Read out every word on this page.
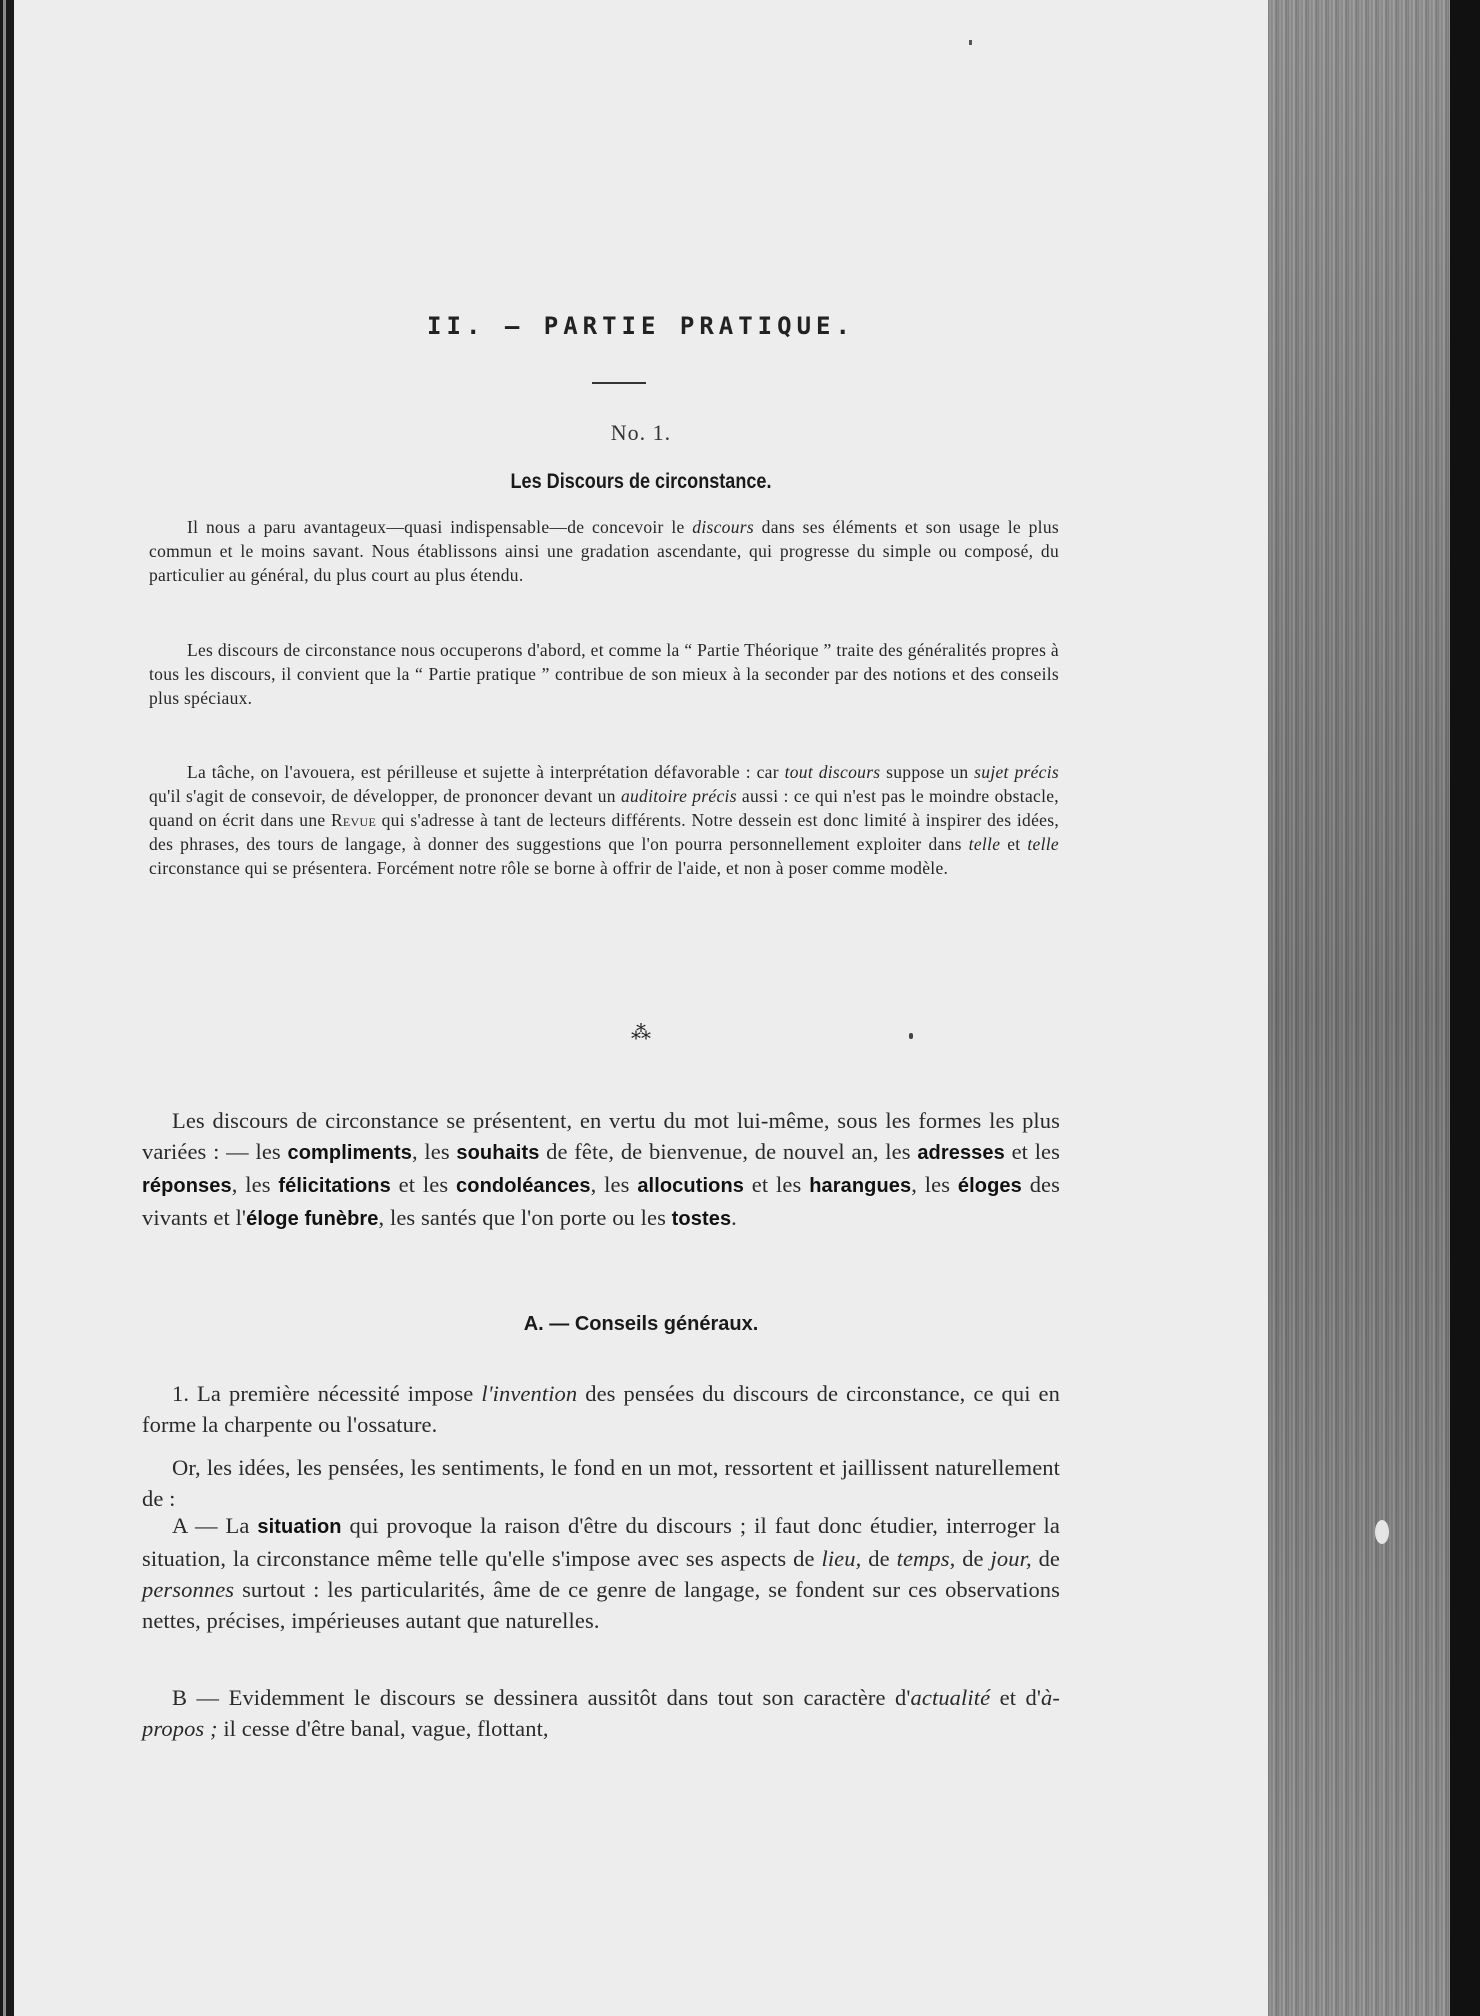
II. — PARTIE PRATIQUE.
No. 1.
Les Discours de circonstance.

Il nous a paru avantageux—quasi indispensable—de concevoir le discours dans ses éléments et son usage le plus commun et le moins savant. Nous établissons ainsi une gradation ascendante, qui progresse du simple ou composé, du particulier au général, du plus court au plus étendu.

Les discours de circonstance nous occuperons d'abord, et comme la “ Partie Théorique ” traite des généralités propres à tous les discours, il convient que la “ Partie pratique ” contribue de son mieux à la seconder par des notions et des conseils plus spéciaux.

La tâche, on l'avouera, est périlleuse et sujette à interprétation défavorable : car tout discours suppose un sujet précis qu'il s'agit de consevoir, de développer, de prononcer devant un auditoire précis aussi : ce qui n'est pas le moindre obstacle, quand on écrit dans une Revue qui s'adresse à tant de lecteurs différents. Notre dessein est donc limité à inspirer des idées, des phrases, des tours de langage, à donner des suggestions que l'on pourra personnellement exploiter dans telle et telle circonstance qui se présentera. Forcément notre rôle se borne à offrir de l'aide, et non à poser comme modèle.

⁂

Les discours de circonstance se présentent, en vertu du mot lui-même, sous les formes les plus variées : — les compliments, les souhaits de fête, de bienvenue, de nouvel an, les adresses et les réponses, les félicitations et les condoléances, les allocutions et les harangues, les éloges des vivants et l'éloge funèbre, les santés que l'on porte ou les tostes.

A. — Conseils généraux.

1. La première nécessité impose l'invention des pensées du discours de circonstance, ce qui en forme la charpente ou l'ossature.

Or, les idées, les pensées, les sentiments, le fond en un mot, ressortent et jaillissent naturellement de :

A — La situation qui provoque la raison d'être du discours ; il faut donc étudier, interroger la situation, la circonstance même telle qu'elle s'impose avec ses aspects de lieu, de temps, de jour, de personnes surtout : les particularités, âme de ce genre de langage, se fondent sur ces observations nettes, précises, impérieuses autant que naturelles.

B — Evidemment le discours se dessinera aussitôt dans tout son caractère d'actualité et d'à-propos ; il cesse d'être banal, vague, flottant,
